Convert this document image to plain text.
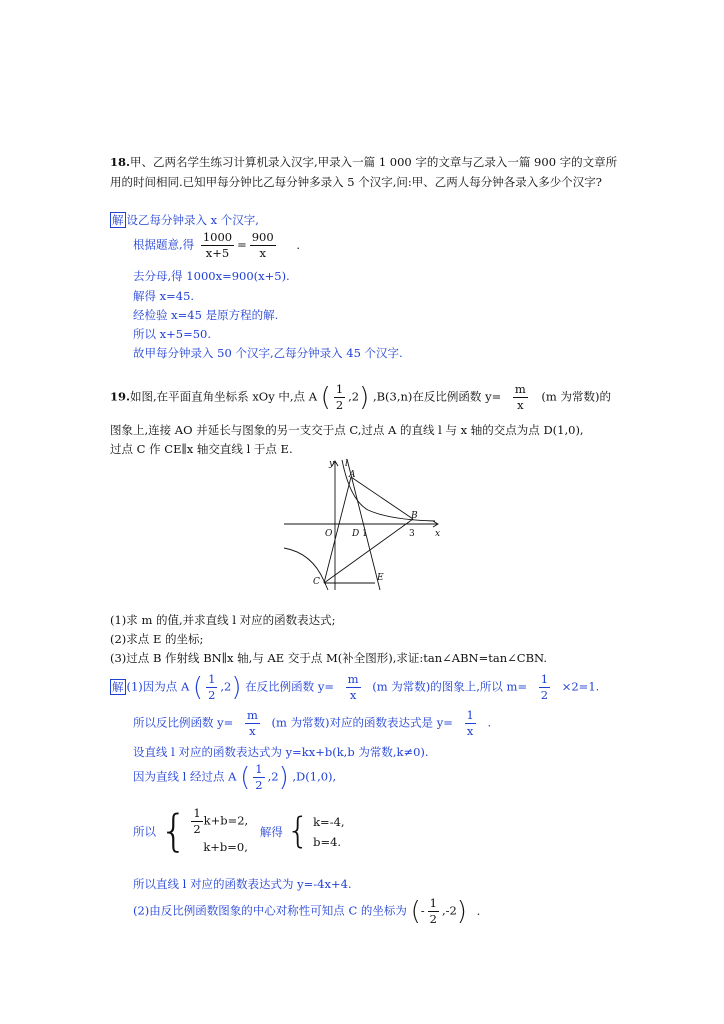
18.甲、乙两名学生练习计算机录入汉字,甲录入一篇 1 000 字的文章与乙录入一篇 900 字的文章所用的时间相同.已知甲每分钟比乙每分钟多录入 5 个汉字,问:甲、乙两人每分钟各录入多少个汉字?
解 设乙每分钟录入 x 个汉字,
根据题意,得 $\frac{1000}{x+5} = \frac{900}{x}$ .
去分母,得 1000x=900(x+5).
解得 x=45.
经检验 x=45 是原方程的解.
所以 x+5=50.
故甲每分钟录入 50 个汉字,乙每分钟录入 45 个汉字.
19.如图,在平面直角坐标系 xOy 中,点 A ( $\frac{1}{2} ,2$) ,B(3,n)在反比例函数 $y= \frac{m}{x} (m$ 为常数)的
图象上,连接 AO 并延长与图象的另一支交于点 C,过点 A 的直线 l 与 x 轴的交点为点 D(1,0),
过点 C 作 CE∥x 轴交直线 l 于点 E.
y l
A
B
O D 1	3 x
C	E
(1)求 m 的值,并求直线 l 对应的函数表达式;
(2)求点 E 的坐标;
(3)过点 B 作射线 BN∥x 轴,与 AE 交于点 M(补全图形),求证:tan∠ABN=tan∠CBN.
解 (1)因为点 A ( $\frac{1}{2} ,2$) 在反比例函数 $y= \frac{m}{x} (m$ 为常数)的图象上,所以 $m= \frac{1}{2} \times 2=1$.
所以反比例函数 $y= \frac{m}{x} (m$ 为常数)对应的函数表达式是 $y= \frac{1}{x}$ .
设直线 l 对应的函数表达式为 y=kx+b(k,b 为常数,k≠0).
因为直线 l 经过点 A ( $\frac{1}{2} ,2$) ,D(1,0),
所以 { $\frac{1}{2} k+b=2$,
k+b=0,
解得 { k=-4,
b=4.
所以直线 l 对应的函数表达式为 y=-4x+4.
(2)由反比例函数图象的中心对称性可知点 C 的坐标为 (- $\frac{1}{2} ,-2$) .
